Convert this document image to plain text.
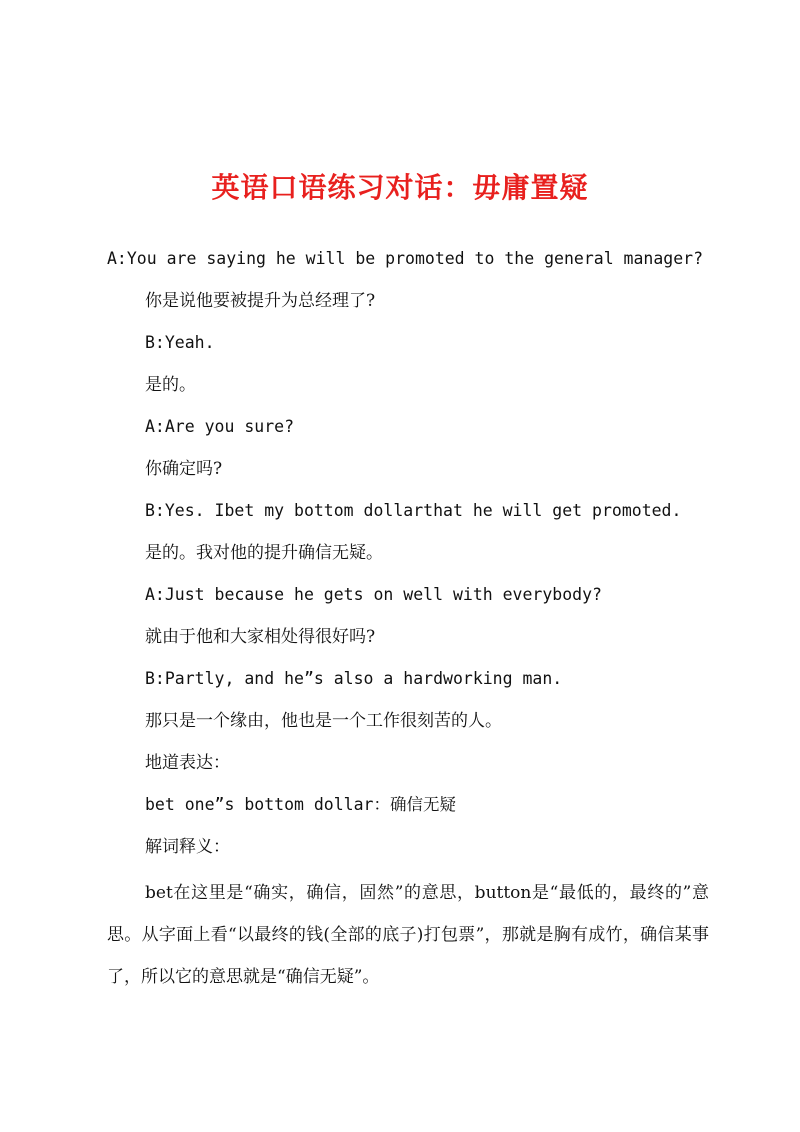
英语口语练习对话：毋庸置疑
A:You are saying he will be promoted to the general manager?
你是说他要被提升为总经理了?
B:Yeah.
是的。
A:Are you sure?
你确定吗?
B:Yes. Ibet my bottom dollarthat he will get promoted.
是的。我对他的提升确信无疑。
A:Just because he gets on well with everybody?
就由于他和大家相处得很好吗?
B:Partly, and he”s also a hardworking man.
那只是一个缘由，他也是一个工作很刻苦的人。
地道表达：
bet one”s bottom dollar：确信无疑
解词释义：
bet在这里是“确实，确信，固然”的意思，button是“最低的，最终的”意思。从字面上看“以最终的钱(全部的底子)打包票”，那就是胸有成竹，确信某事了，所以它的意思就是“确信无疑”。
